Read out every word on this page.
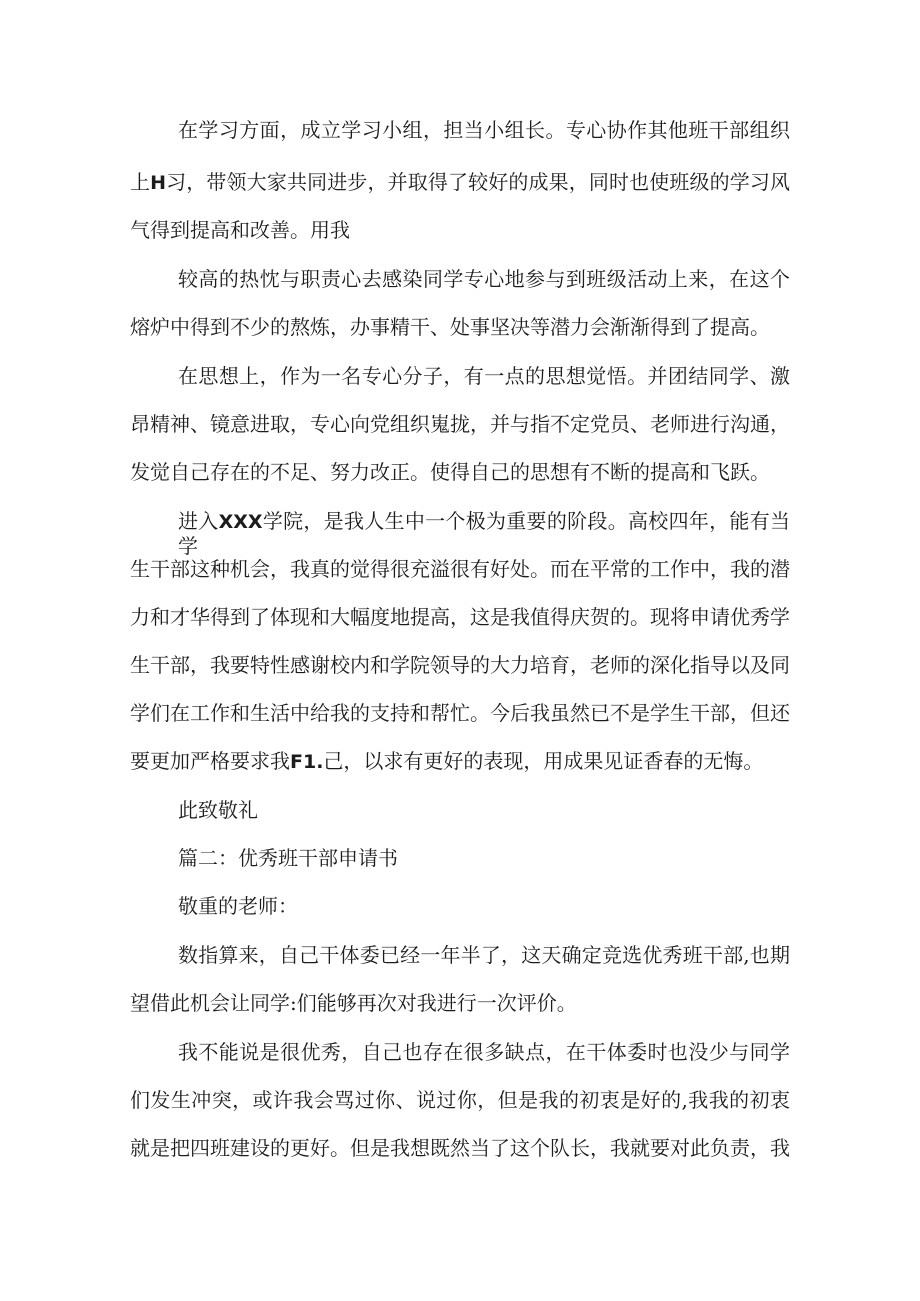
在学习方面，成立学习小组，担当小组长。专心协作其他班干部组织
上H习，带领大家共同进步，并取得了较好的成果，同时也使班级的学习风
气得到提高和改善。用我
较高的热忱与职责心去感染同学专心地参与到班级活动上来，在这个
熔炉中得到不少的熬炼，办事精干、处事坚决等潜力会渐渐得到了提高。
在思想上，作为一名专心分子，有一点的思想觉悟。并团结同学、激
昂精神、镜意进取，专心向党组织嵬拢，并与指不定党员、老师进行沟通，
发觉自己存在的不足、努力改正。使得自己的思想有不断的提高和飞跃。
进入XXX学院，是我人生中一个极为重要的阶段。高校四年，能有当学
生干部这种机会，我真的觉得很充溢很有好处。而在平常的工作中，我的潜
力和才华得到了体现和大幅度地提高，这是我值得庆贺的。现将申请优秀学
生干部，我要特性感谢校内和学院领导的大力培育，老师的深化指导以及同
学们在工作和生活中给我的支持和帮忙。今后我虽然已不是学生干部，但还
要更加严格要求我F1.己，以求有更好的表现，用成果见证香春的无悔。
此致敬礼
篇二：优秀班干部申请书
敬重的老师：
数指算来，自己干体委已经一年半了，这天确定竞选优秀班干部,也期
望借此机会让同学:们能够再次对我进行一次评价。
我不能说是很优秀，自己也存在很多缺点，在干体委时也没少与同学
们发生冲突，或许我会骂过你、说过你，但是我的初衷是好的,我我的初衷
就是把四班建设的更好。但是我想既然当了这个队长，我就要对此负责，我
